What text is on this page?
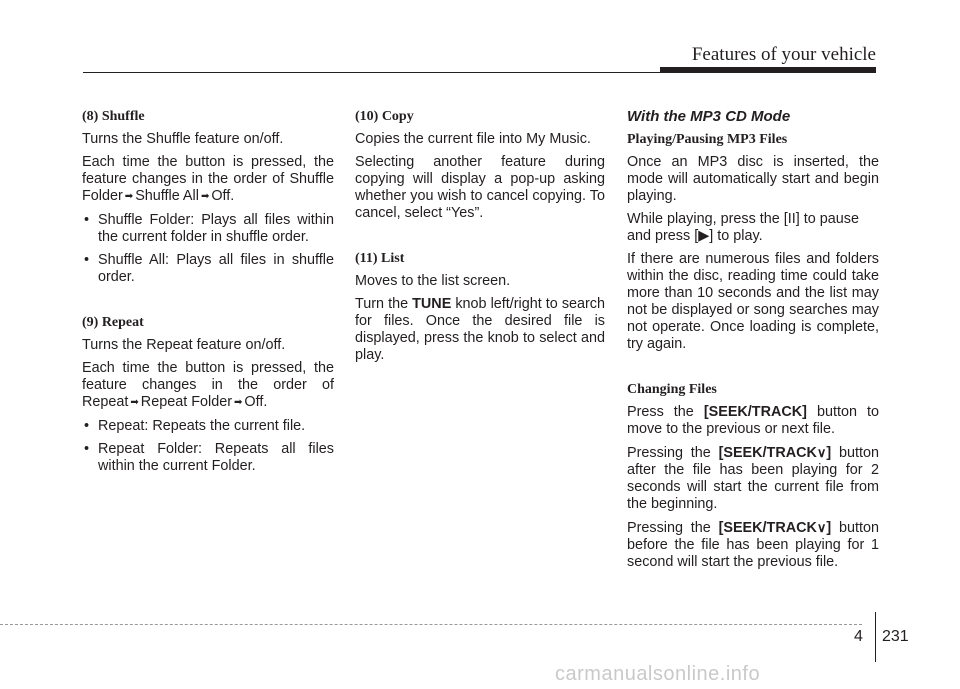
Features of your vehicle
(8) Shuffle

Turns the Shuffle feature on/off.

Each time the button is pressed, the feature changes in the order of Shuffle Folder ➡ Shuffle All ➡ Off.

• Shuffle Folder: Plays all files within the current folder in shuffle order.
• Shuffle All: Plays all files in shuffle order.
(9) Repeat

Turns the Repeat feature on/off.

Each time the button is pressed, the feature changes in the order of Repeat ➡ Repeat Folder ➡ Off.

• Repeat: Repeats the current file.
• Repeat Folder: Repeats all files within the current Folder.
(10) Copy

Copies the current file into My Music.

Selecting another feature during copying will display a pop-up asking whether you wish to cancel copying. To cancel, select “Yes”.

(11) List

Moves to the list screen.

Turn the TUNE knob left/right to search for files. Once the desired file is displayed, press the knob to select and play.

With the MP3 CD Mode
Playing/Pausing MP3 Files

Once an MP3 disc is inserted, the mode will automatically start and begin playing.

While playing, press the [II] to pause and press [▶] to play.

If there are numerous files and folders within the disc, reading time could take more than 10 seconds and the list may not be displayed or song searches may not operate. Once loading is complete, try again.

Changing Files

Press the [SEEK/TRACK] button to move to the previous or next file.

Pressing the [SEEK/TRACK∨] button after the file has been playing for 2 seconds will start the current file from the beginning.

Pressing the [SEEK/TRACK∨] button before the file has been playing for 1 second will start the previous file.

4 231
carmanualsonline.info
